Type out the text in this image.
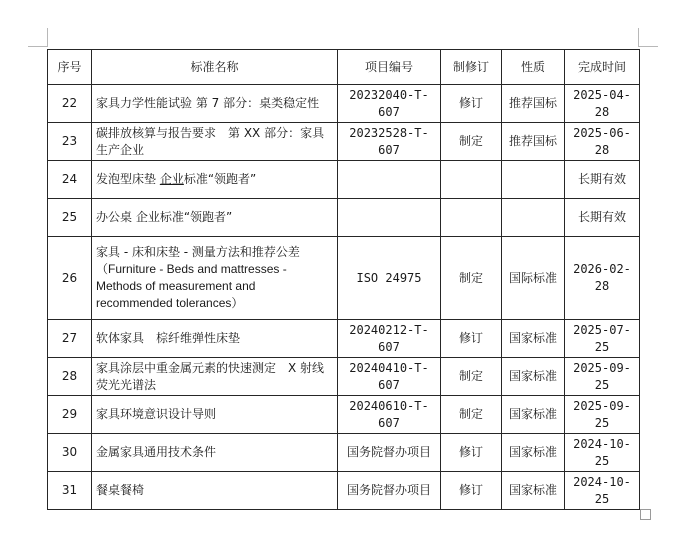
序号	标准名称	项目编号	制修订	性质	完成时间
22	家具力学性能试验 第 7 部分：桌类稳定性	20232040-T-607	修订	推荐国标	2025-04-28
23	碳排放核算与报告要求　第 XX 部分：家具生产企业	20232528-T-607	制定	推荐国标	2025-06-28
24	发泡型床垫 企业标准“领跑者”				长期有效
25	办公桌 企业标准“领跑者”				长期有效
26	家具 - 床和床垫 - 测量方法和推荐公差
（Furniture - Beds and mattresses - Methods of measurement and recommended tolerances）	ISO 24975	制定	国际标准	2026-02-28
27	软体家具　棕纤维弹性床垫	20240212-T-607	修订	国家标准	2025-07-25
28	家具涂层中重金属元素的快速测定　X 射线荧光光谱法	20240410-T-607	制定	国家标准	2025-09-25
29	家具环境意识设计导则	20240610-T-607	制定	国家标准	2025-09-25
30	金属家具通用技术条件	国务院督办项目	修订	国家标准	2024-10-25
31	餐桌餐椅	国务院督办项目	修订	国家标准	2024-10-25
